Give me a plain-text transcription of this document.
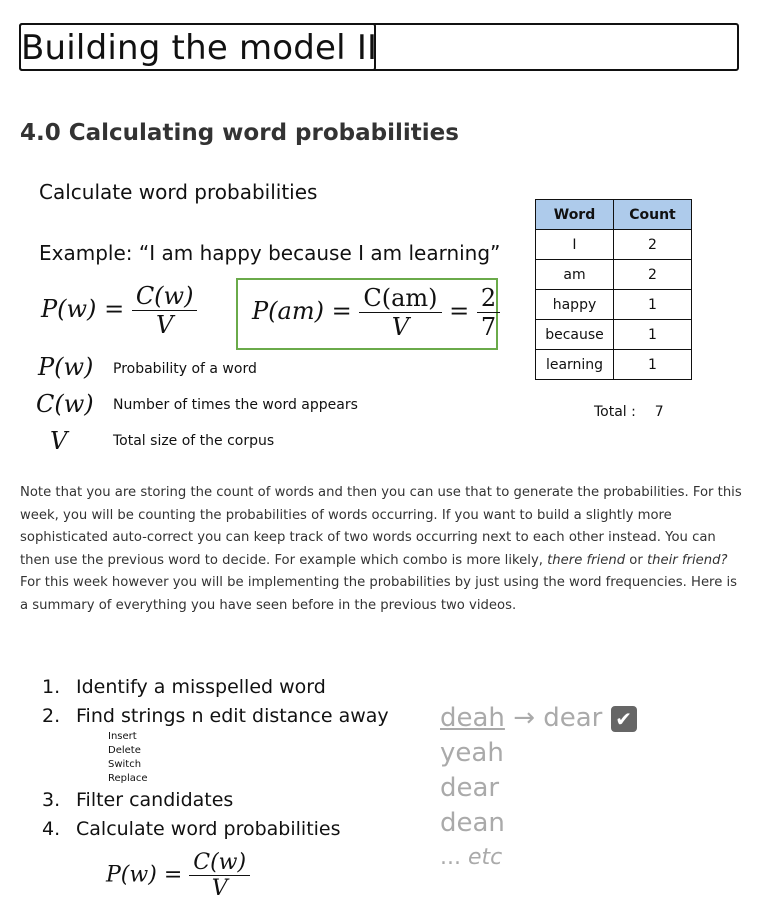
Building the model II
4.0 Calculating word probabilities
Calculate word probabilities
Example: “I am happy because I am learning”
$P(w) = \frac{C(w)}{V} P(am) = \frac{C(am)}{V} = \frac{2}{7}$
P(w) Probability of a word
C(w) Number of times the word appears
V	Total size of the corpus
Word	Count
I	2
am	2
happy	1
because	1
learning	1
Total : 7
Note that you are storing the count of words and then you can use that to generate the probabilities. For this week, you will be counting the probabilities of words occurring. If you want to build a slightly more sophisticated auto-correct you can keep track of two words occurring next to each other instead. You can then use the previous word to decide. For example which combo is more likely, there friend or their friend? For this week however you will be implementing the probabilities by just using the word frequencies. Here is a summary of everything you have seen before in the previous two videos.
1. Identify a misspelled word
2. Find strings n edit distance away
Insert
Delete
Switch
Replace
3. Filter candidates
4. Calculate word probabilities
$P(w) = \frac{C(w)}{V}$
deah → dear ✔
yeah
dear
dean
... etc
